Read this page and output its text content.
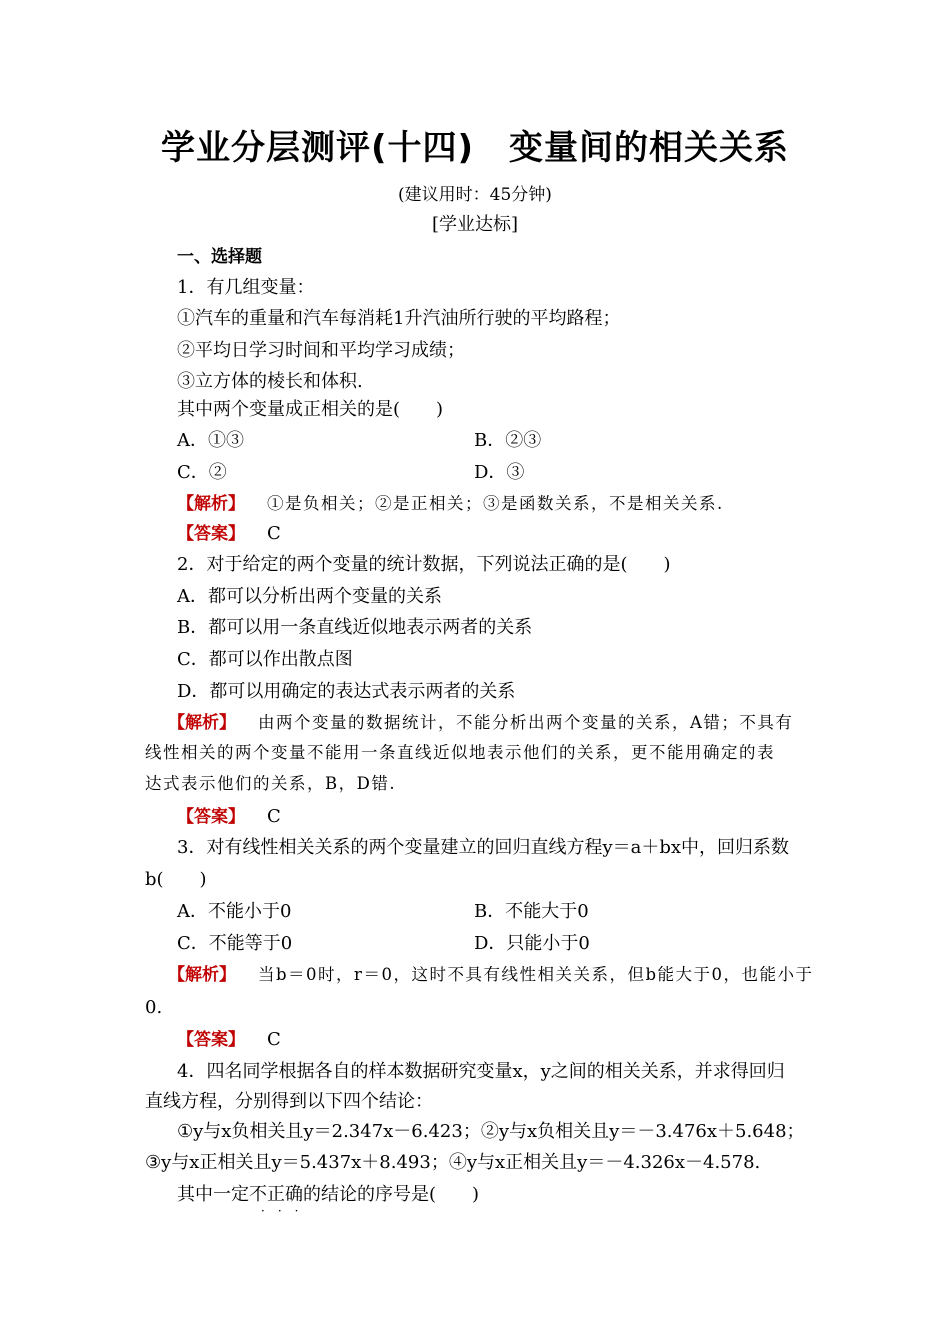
学业分层测评(十四)　变量间的相关关系
(建议用时：45分钟)
[学业达标]
一、选择题
1．有几组变量：
①汽车的重量和汽车每消耗1升汽油所行驶的平均路程；
②平均日学习时间和平均学习成绩；
③立方体的棱长和体积.
其中两个变量成正相关的是(　　)
A．①③	B．②③
C．②	D．③
【解析】 ①是负相关；②是正相关；③是函数关系，不是相关关系.
【答案】 C
2．对于给定的两个变量的统计数据，下列说法正确的是(　　)
A．都可以分析出两个变量的关系
B．都可以用一条直线近似地表示两者的关系
C．都可以作出散点图
D．都可以用确定的表达式表示两者的关系
【解析】 由两个变量的数据统计，不能分析出两个变量的关系，A错；不具有
线性相关的两个变量不能用一条直线近似地表示他们的关系，更不能用确定的表
达式表示他们的关系，B，D错.
【答案】 C
3．对有线性相关关系的两个变量建立的回归直线方程y＝a＋bx中，回归系数
b(　　)
A．不能小于0	B．不能大于0
C．不能等于0	D．只能小于0
【解析】 当b＝0时，r＝0，这时不具有线性相关关系，但b能大于0，也能小于
0.
【答案】 C
4．四名同学根据各自的样本数据研究变量x，y之间的相关关系，并求得回归
直线方程，分别得到以下四个结论：
①y与x负相关且y＝2.347x－6.423；②y与x负相关且y＝－3.476x＋5.648；
③y与x正相关且y＝5.437x＋8.493；④y与x正相关且y＝－4.326x－4.578.
其中一定不正确的结论的序号是(　　)
···
